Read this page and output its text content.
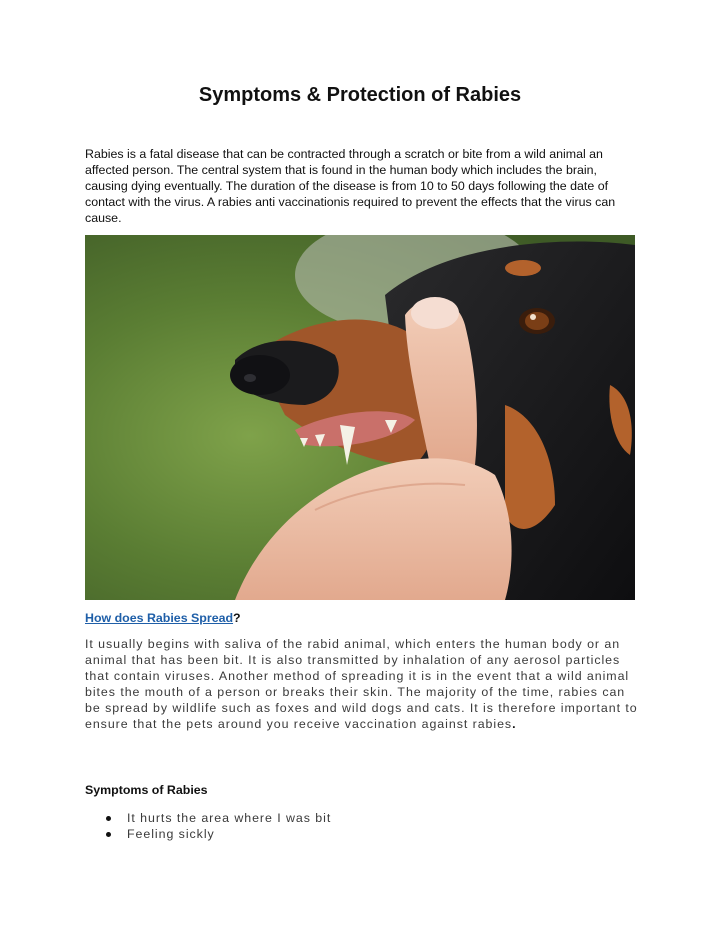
Symptoms & Protection of Rabies
Rabies is a fatal disease that can be contracted through a scratch or bite from a wild animal an affected person. The central system that is found in the human body which includes the brain, causing dying eventually. The duration of the disease is from 10 to 50 days following the date of contact with the virus. A rabies anti vaccinationis required to prevent the effects that the virus can cause.
How does Rabies Spread?
It usually begins with saliva of the rabid animal, which enters the human body or an animal that has been bit. It is also transmitted by inhalation of any aerosol particles that contain viruses. Another method of spreading it is in the event that a wild animal bites the mouth of a person or breaks their skin. The majority of the time, rabies can be spread by wildlife such as foxes and wild dogs and cats. It is therefore important to ensure that the pets around you receive vaccination against rabies.
Symptoms of Rabies
It hurts the area where I was bit
Feeling sickly
